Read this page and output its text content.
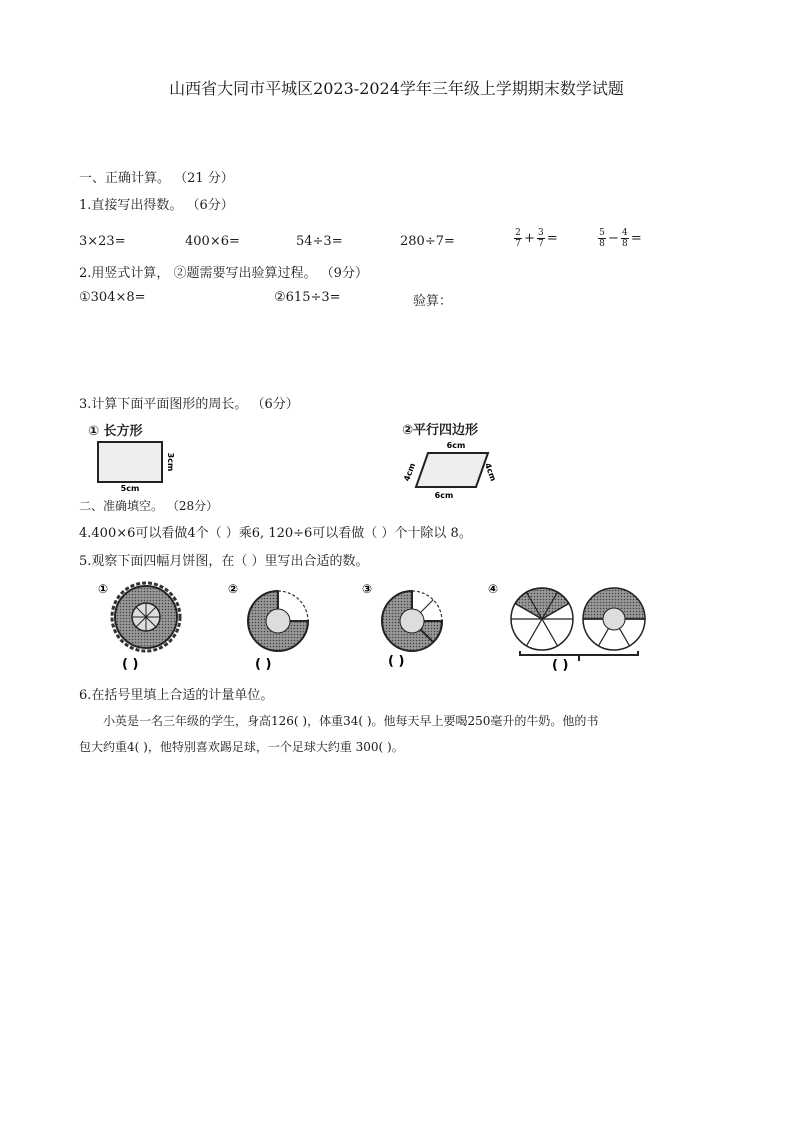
山西省大同市平城区2023-2024学年三年级上学期期末数学试题
一、正确计算。 （21 分）
1.直接写出得数。 （6分）
3×23=	400×6=	54÷3=	280÷7=	$\frac{2}{7} + \frac{3}{7}$ =	$\frac{5}{8} - \frac{4}{8}$ =
2.用竖式计算， ②题需要写出验算过程。 （9分）
①304×8=	②615÷3=	验算：
3.计算下面平面图形的周长。 （6分）
① 长方形
5cm
3cm
②平行四边形
6cm
6cm
4cm	4cm
二、准确填空。 （28分）
4.400×6可以看做4个（ ）乘6, 120÷6可以看做（ ）个十除以 8。
5.观察下面四幅月饼图，在（ ）里写出合适的数。
①
( )
②
( )
③
( )
④
( )
6.在括号里填上合适的计量单位。
小英是一名三年级的学生，身高126( )，体重34( )。他每天早上要喝250毫升的牛奶。他的书
包大约重4( )，他特别喜欢踢足球，一个足球大约重 300( )。
